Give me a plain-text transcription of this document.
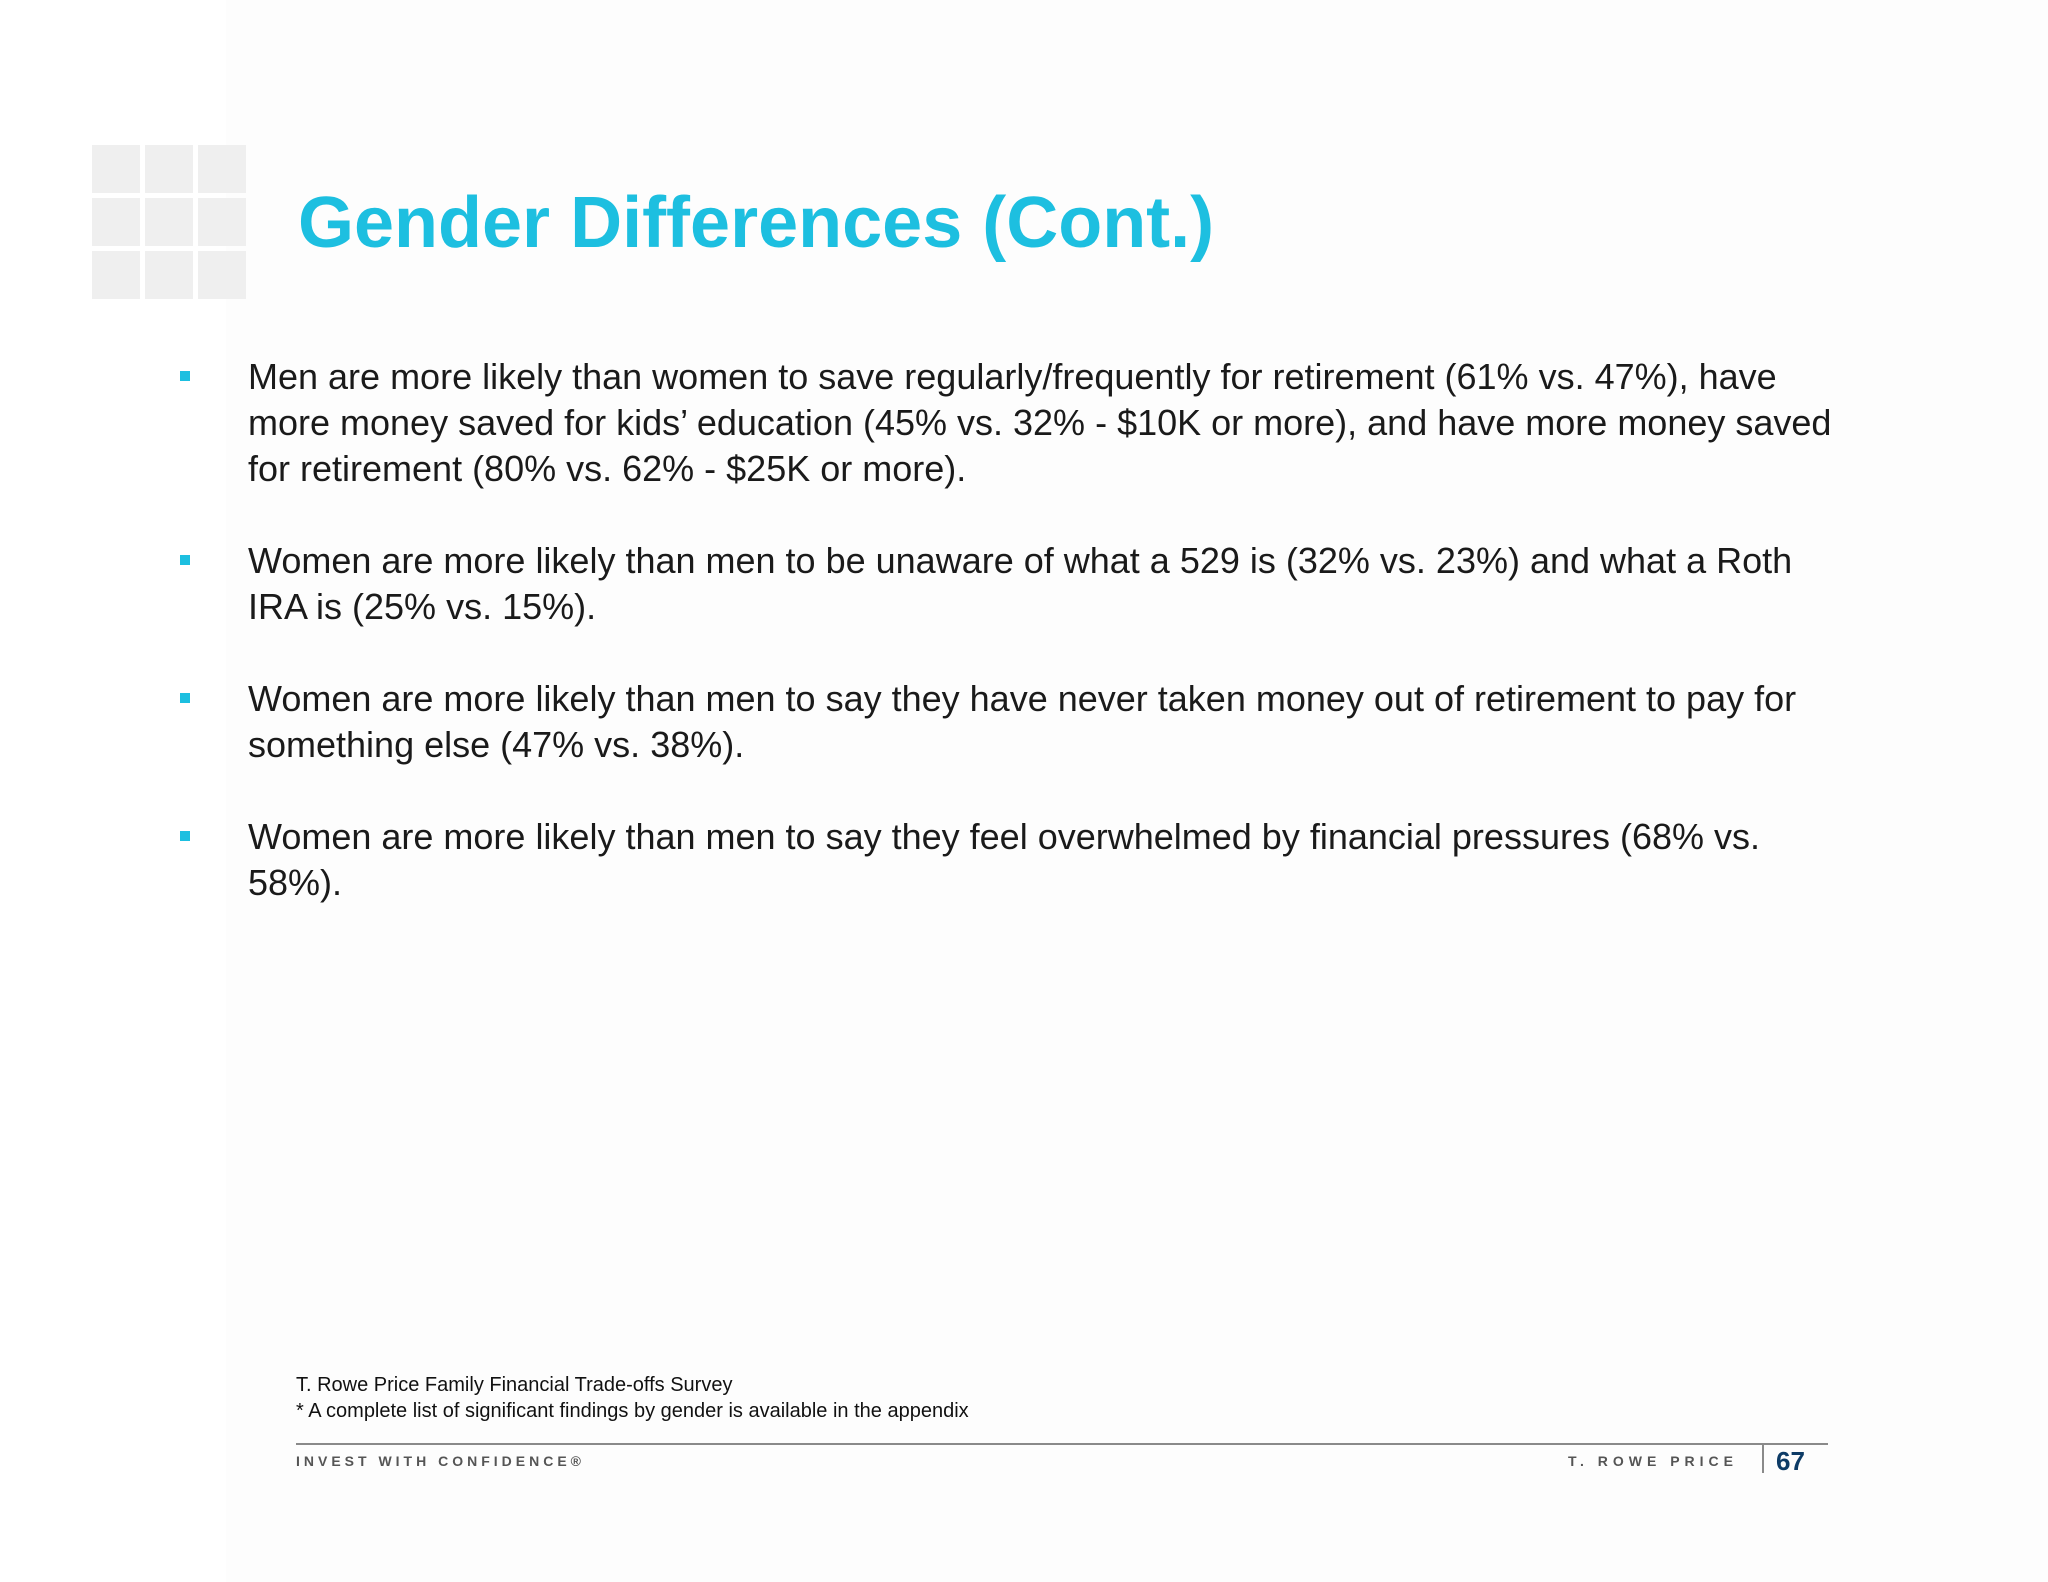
Gender Differences (Cont.)
Men are more likely than women to save regularly/frequently for retirement (61% vs. 47%), have more money saved for kids’ education (45% vs. 32% - $10K or more), and have more money saved for retirement (80% vs. 62% - $25K or more).
Women are more likely than men to be unaware of what a 529 is (32% vs. 23%) and what a Roth IRA is (25% vs. 15%).
Women are more likely than men to say they have never taken money out of retirement to pay for something else (47% vs. 38%).
Women are more likely than men to say they feel overwhelmed by financial pressures (68% vs. 58%).
T. Rowe Price Family Financial Trade-offs Survey
* A complete list of significant findings by gender is available in the appendix
INVEST WITH CONFIDENCE®	T. ROWE PRICE 67
